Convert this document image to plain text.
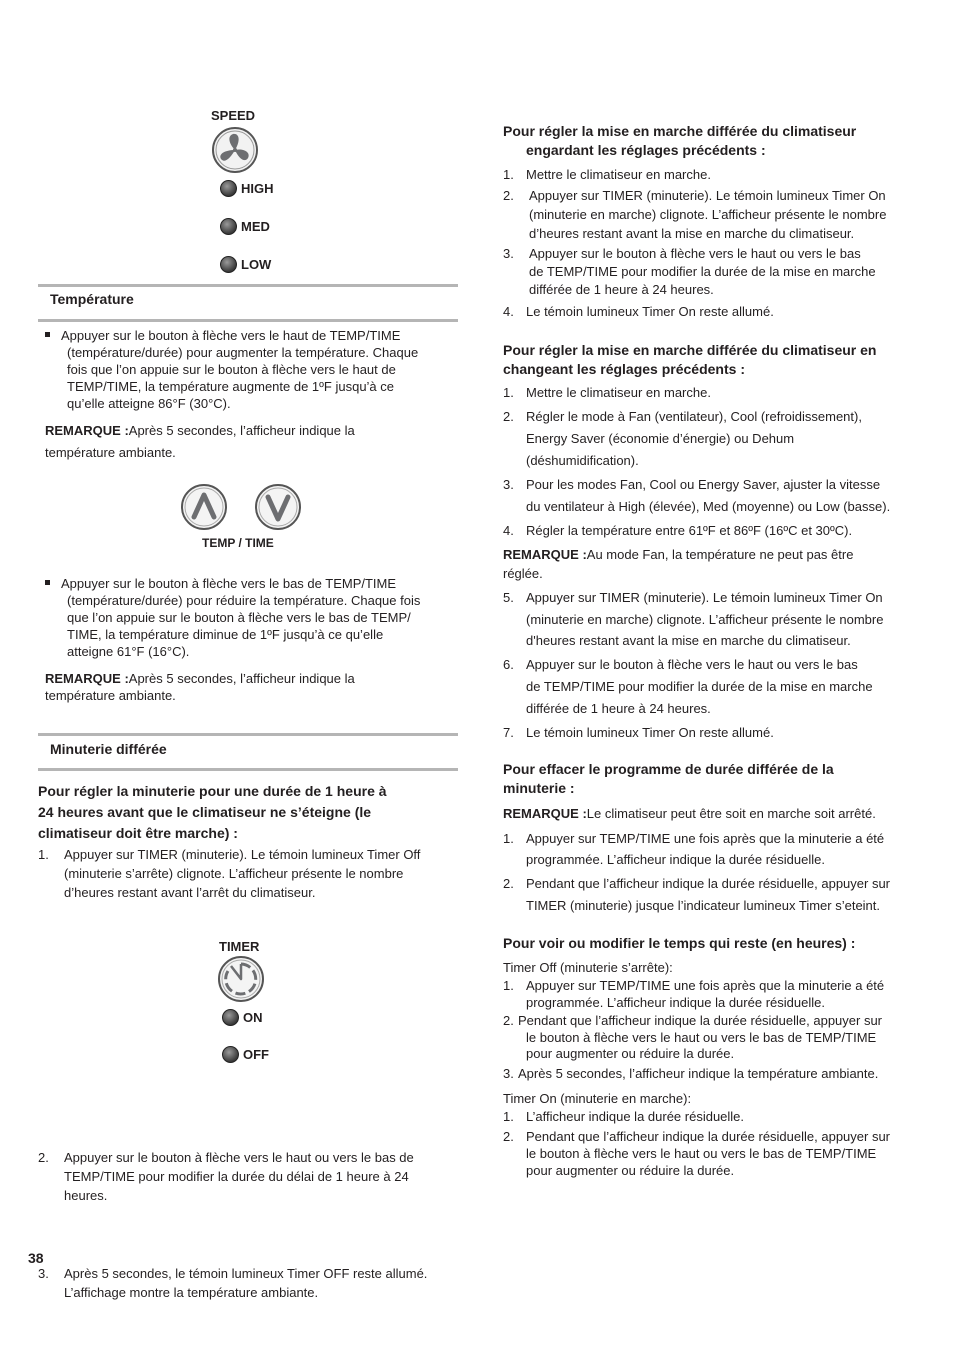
SPEED
HIGH
MED
LOW
Température
Appuyer sur le bouton à flèche vers le haut de TEMP/TIME
(température/durée) pour augmenter la température. Chaque
fois que l’on appuie sur le bouton à flèche vers le haut de
TEMP/TIME, la température augmente de 1ºF jusqu’à ce
qu’elle atteigne 86°F (30°C).
REMARQUE :Après 5 secondes, l’afficheur indique la
température ambiante.
TEMP / TIME
Appuyer sur le bouton à flèche vers le bas de TEMP/TIME
(température/durée) pour réduire la température. Chaque fois
que l’on appuie sur le bouton à flèche vers le bas de TEMP/
TIME, la température diminue de 1ºF jusqu’à ce qu’elle
atteigne 61°F (16°C).
REMARQUE :Après 5 secondes, l’afficheur indique la
température ambiante.
Minuterie différée
Pour régler la minuterie pour une durée de 1 heure à
24 heures avant que le climatiseur ne s’éteigne (le
climatiseur doit être marche) :
1. Appuyer sur TIMER (minuterie). Le témoin lumineux Timer Off
(minuterie s’arrête) clignote. L’afficheur présente le nombre
d’heures restant avant l’arrêt du climatiseur.
TIMER
ON
OFF
2. Appuyer sur le bouton à flèche vers le haut ou vers le bas de
TEMP/TIME pour modifier la durée du délai de 1 heure à 24
heures.
3. Après 5 secondes, le témoin lumineux Timer OFF reste allumé.
L’affichage montre la température ambiante.
38
Pour régler la mise en marche différée du climatiseur
engardant les réglages précédents :
1. Mettre le climatiseur en marche.
2. Appuyer sur TIMER (minuterie). Le témoin lumineux Timer On
(minuterie en marche) clignote. L’afficheur présente le nombre
d’heures restant avant la mise en marche du climatiseur.
3. Appuyer sur le bouton à flèche vers le haut ou vers le bas
de TEMP/TIME pour modifier la durée de la mise en marche
différée de 1 heure à 24 heures.
4. Le témoin lumineux Timer On reste allumé.
Pour régler la mise en marche différée du climatiseur en
changeant les réglages précédents :
1. Mettre le climatiseur en marche.
2. Régler le mode à Fan (ventilateur), Cool (refroidissement),
Energy Saver (économie d’énergie) ou Dehum
(déshumidification).
3. Pour les modes Fan, Cool ou Energy Saver, ajuster la vitesse
du ventilateur à High (élevée), Med (moyenne) ou Low (basse).
4. Régler la température entre 61ºF et 86ºF (16ºC et 30ºC).
REMARQUE :Au mode Fan, la température ne peut pas être
réglée.
5. Appuyer sur TIMER (minuterie). Le témoin lumineux Timer On
(minuterie en marche) clignote. L’afficheur présente le nombre
d'heures restant avant la mise en marche du climatiseur.
6. Appuyer sur le bouton à flèche vers le haut ou vers le bas
de TEMP/TIME pour modifier la durée de la mise en marche
différée de 1 heure à 24 heures.
7. Le témoin lumineux Timer On reste allumé.
Pour effacer le programme de durée différée de la
minuterie :
REMARQUE :Le climatiseur peut être soit en marche soit arrêté.
1. Appuyer sur TEMP/TIME une fois après que la minuterie a été
programmée. L’afficheur indique la durée résiduelle.
2. Pendant que l’afficheur indique la durée résiduelle, appuyer sur
TIMER (minuterie) jusque l’indicateur lumineux Timer s’eteint.
Pour voir ou modifier le temps qui reste (en heures) :
Timer Off (minuterie s’arrête):
1. Appuyer sur TEMP/TIME une fois après que la minuterie a été
programmée. L’afficheur indique la durée résiduelle.
2. Pendant que l’afficheur indique la durée résiduelle, appuyer sur
le bouton à flèche vers le haut ou vers le bas de TEMP/TIME
pour augmenter ou réduire la durée.
3. Après 5 secondes, l’afficheur indique la température ambiante.
Timer On (minuterie en marche):
1. L’afficheur indique la durée résiduelle.
2. Pendant que l’afficheur indique la durée résiduelle, appuyer sur
le bouton à flèche vers le haut ou vers le bas de TEMP/TIME
pour augmenter ou réduire la durée.
